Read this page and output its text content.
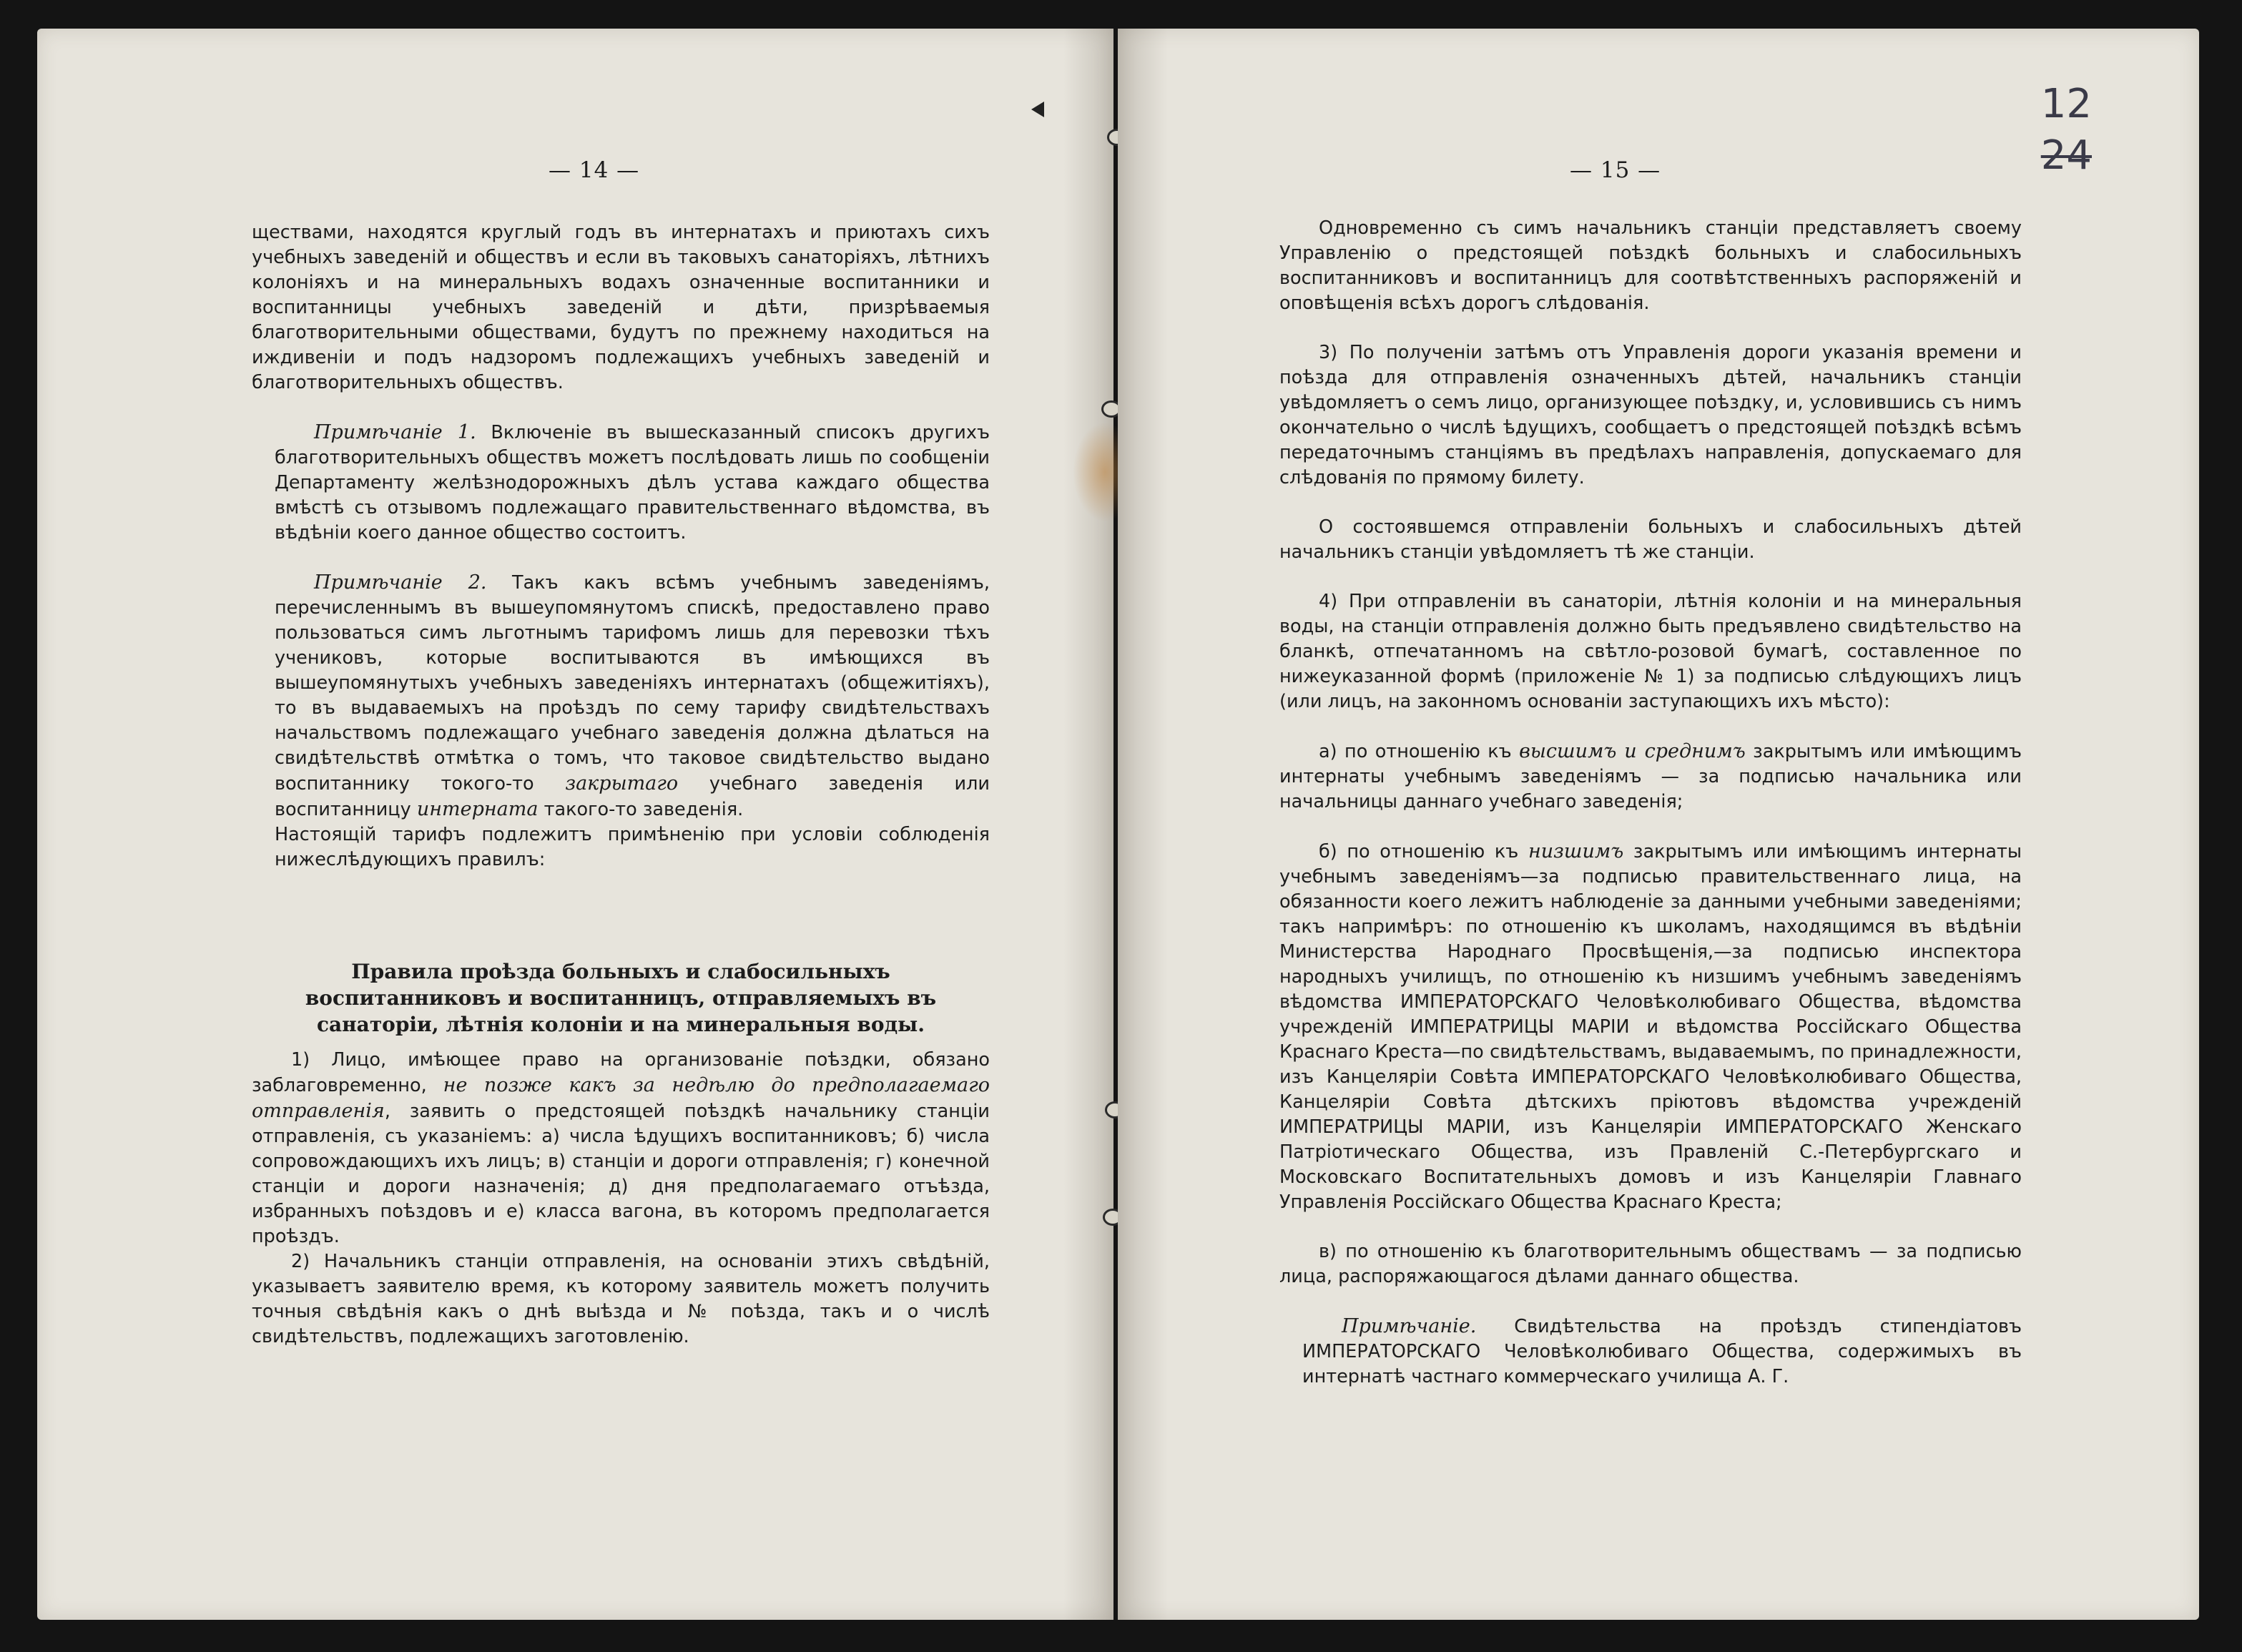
— 14 —

ществами, находятся круглый годъ въ интернатахъ и приютахъ сихъ учебныхъ заведеній и обществъ и если въ таковыхъ санаторіяхъ, лѣтнихъ колоніяхъ и на минеральныхъ водахъ означенные воспитанники и воспитанницы учебныхъ заведеній и дѣти, призрѣваемыя благотворительными обществами, будутъ по прежнему находиться на иждивеніи и подъ надзоромъ подлежащихъ учебныхъ заведеній и благотворительныхъ обществъ.

Примѣчаніе 1. Включеніе въ вышесказанный списокъ другихъ благотворительныхъ обществъ можетъ послѣдовать лишь по сообщеніи Департаменту желѣзнодорожныхъ дѣлъ устава каждаго общества вмѣстѣ съ отзывомъ подлежащаго правительственнаго вѣдомства, въ вѣдѣніи коего данное общество состоитъ.

Примѣчаніе 2. Такъ какъ всѣмъ учебнымъ заведеніямъ, перечисленнымъ въ вышеупомянутомъ спискѣ, предоставлено право пользоваться симъ льготнымъ тарифомъ лишь для перевозки тѣхъ учениковъ, которые воспитываются въ имѣющихся въ вышеупомянутыхъ учебныхъ заведеніяхъ интернатахъ (общежитіяхъ), то въ выдаваемыхъ на проѣздъ по сему тарифу свидѣтельствахъ начальствомъ подлежащаго учебнаго заведенія должна дѣлаться на свидѣтельствѣ отмѣтка о томъ, что таковое свидѣтельство выдано воспитаннику токого-то закрытаго учебнаго заведенія или воспитанницу интерната такого-то заведенія.

Настоящій тарифъ подлежитъ примѣненію при условіи соблюденія нижеслѣдующихъ правилъ:

Правила проѣзда больныхъ и слабосильныхъ воспитанниковъ и воспитанницъ, отправляемыхъ въ санаторіи, лѣтнія колоніи и на минеральныя воды.

1) Лицо, имѣющее право на организованіе поѣздки, обязано заблаговременно, не позже какъ за недѣлю до предполагаемаго отправленія, заявить о предстоящей поѣздкѣ начальнику станціи отправленія, съ указаніемъ: а) числа ѣдущихъ воспитанниковъ; б) числа сопровождающихъ ихъ лицъ; в) станціи и дороги отправленія; г) конечной станціи и дороги назначенія; д) дня предполагаемаго отъѣзда, избранныхъ поѣздовъ и е) класса вагона, въ которомъ предполагается проѣздъ.

2) Начальникъ станціи отправленія, на основаніи этихъ свѣдѣній, указываетъ заявителю время, къ которому заявитель можетъ получить точныя свѣдѣнія какъ о днѣ выѣзда и № поѣзда, такъ и о числѣ свидѣтельствъ, подлежащихъ заготовленію.

— 15 —
12
24

Одновременно съ симъ начальникъ станціи представляетъ своему Управленію о предстоящей поѣздкѣ больныхъ и слабосильныхъ воспитанниковъ и воспитанницъ для соотвѣтственныхъ распоряженій и оповѣщенія всѣхъ дорогъ слѣдованія.

3) По полученіи затѣмъ отъ Управленія дороги указанія времени и поѣзда для отправленія означенныхъ дѣтей, начальникъ станціи увѣдомляетъ о семъ лицо, организующее поѣздку, и, условившись съ нимъ окончательно о числѣ ѣдущихъ, сообщаетъ о предстоящей поѣздкѣ всѣмъ передаточнымъ станціямъ въ предѣлахъ направленія, допускаемаго для слѣдованія по прямому билету.

О состоявшемся отправленіи больныхъ и слабосильныхъ дѣтей начальникъ станціи увѣдомляетъ тѣ же станціи.

4) При отправленіи въ санаторіи, лѣтнія колоніи и на минеральныя воды, на станціи отправленія должно быть предъявлено свидѣтельство на бланкѣ, отпечатанномъ на свѣтло-розовой бумагѣ, составленное по нижеуказанной формѣ (приложеніе № 1) за подписью слѣдующихъ лицъ (или лицъ, на законномъ основаніи заступающихъ ихъ мѣсто):

а) по отношенію къ высшимъ и среднимъ закрытымъ или имѣющимъ интернаты учебнымъ заведеніямъ — за подписью начальника или начальницы даннаго учебнаго заведенія;

б) по отношенію къ низшимъ закрытымъ или имѣющимъ интернаты учебнымъ заведеніямъ—за подписью правительственнаго лица, на обязанности коего лежитъ наблюденіе за данными учебными заведеніями; такъ напримѣръ: по отношенію къ школамъ, находящимся въ вѣдѣніи Министерства Народнаго Просвѣщенія,—за подписью инспектора народныхъ училищъ, по отношенію къ низшимъ учебнымъ заведеніямъ вѣдомства ИМПЕРАТОРСКАГО Человѣколюбиваго Общества, вѣдомства учрежденій ИМПЕРАТРИЦЫ МАРІИ и вѣдомства Россійскаго Общества Краснаго Креста—по свидѣтельствамъ, выдаваемымъ, по принадлежности, изъ Канцеляріи Совѣта ИМПЕРАТОРСКАГО Человѣколюбиваго Общества, Канцеляріи Совѣта дѣтскихъ пріютовъ вѣдомства учрежденій ИМПЕРАТРИЦЫ МАРІИ, изъ Канцеляріи ИМПЕРАТОРСКАГО Женскаго Патріотическаго Общества, изъ Правленій С.-Петербургскаго и Московскаго Воспитательныхъ домовъ и изъ Канцеляріи Главнаго Управленія Россійскаго Общества Краснаго Креста;

в) по отношенію къ благотворительнымъ обществамъ — за подписью лица, распоряжающагося дѣлами даннаго общества.

Примѣчаніе. Свидѣтельства на проѣздъ стипендіатовъ ИМПЕРАТОРСКАГО Человѣколюбиваго Общества, содержимыхъ въ интернатѣ частнаго коммерческаго училища А. Г.
